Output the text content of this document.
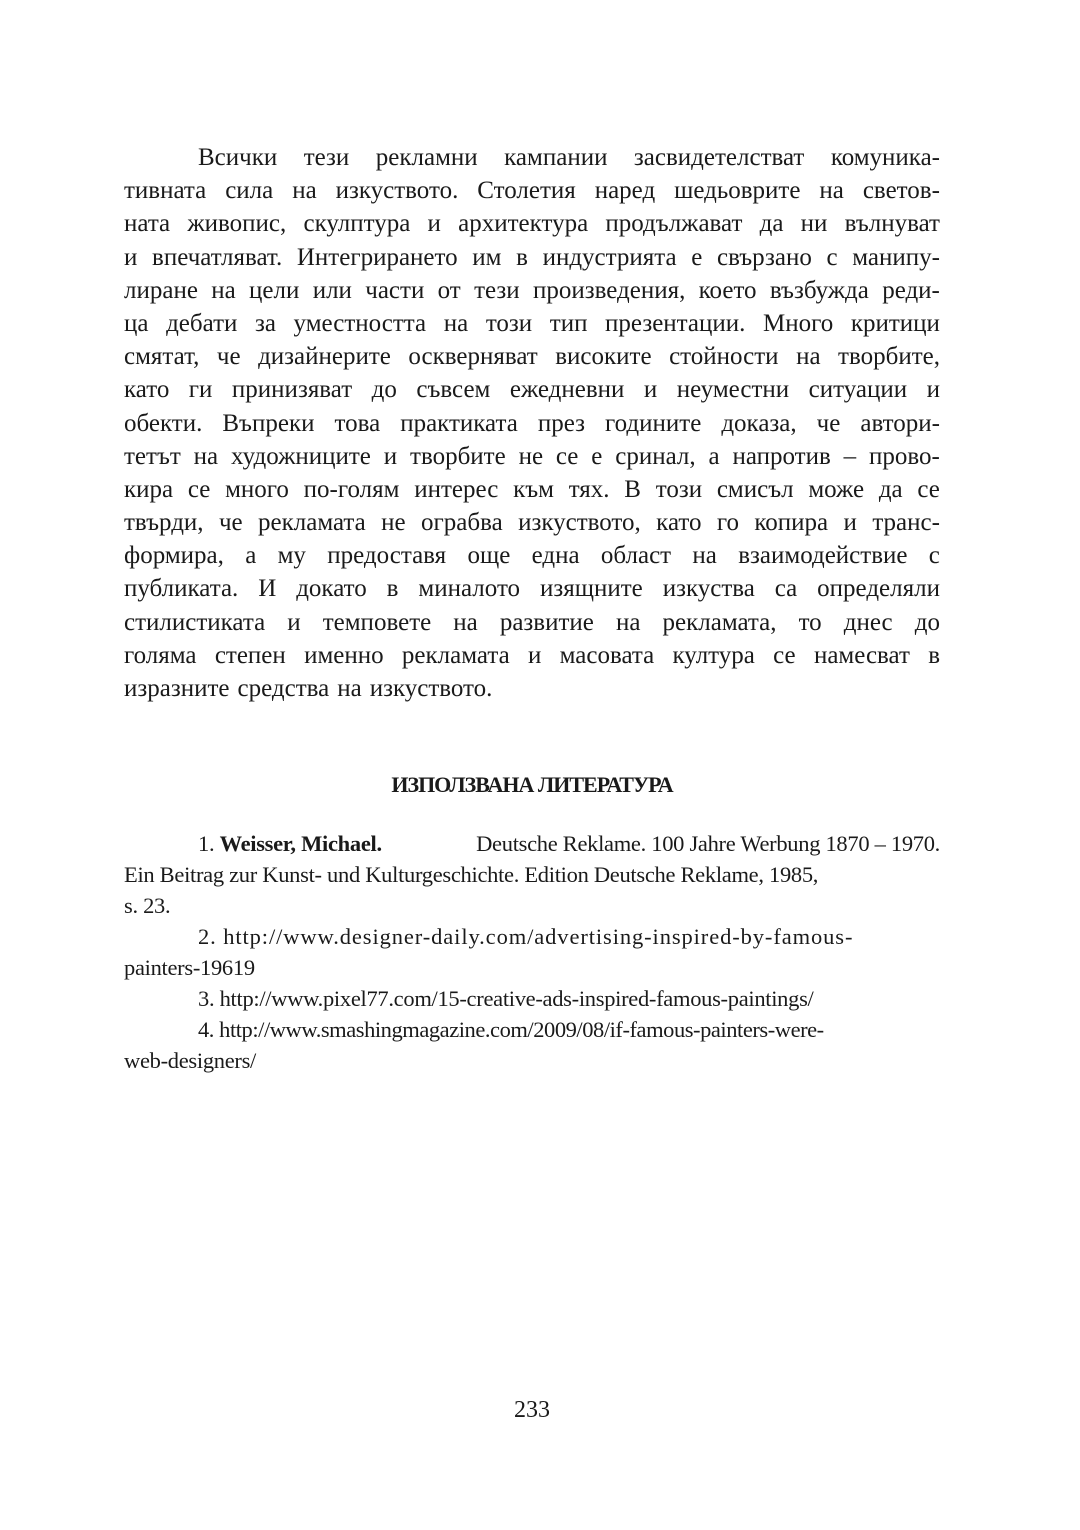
Всички тези рекламни кампании засвидетелстват комуника-
тивната сила на изкуството. Столетия наред шедьоврите на светов-
ната живопис, скулптура и архитектура продължават да ни вълнуват
и впечатляват. Интегрирането им в индустрията е свързано с манипу-
лиране на цели или части от тези произведения, което възбужда реди-
ца дебати за уместността на този тип презентации. Много критици
смятат, че дизайнерите оскверняват високите стойности на творбите,
като ги принизяват до съвсем ежедневни и неуместни ситуации и
обекти. Въпреки това практиката през годините доказа, че автори-
тетът на художниците и творбите не се е сринал, а напротив – прово-
кира се много по-голям интерес към тях. В този смисъл може да се
твърди, че рекламата не ограбва изкуството, като го копира и транс-
формира, а му предоставя още една област на взаимодействие с
публиката. И докато в миналото изящните изкуства са определяли
стилистиката и темповете на развитие на рекламата, то днес до
голяма степен именно рекламата и масовата култура се намесват в
изразните средства на изкуството.
ИЗПОЛЗВАНА ЛИТЕРАТУРА
1. Weisser, Michael.	Deutsche Reklame. 100 Jahre Werbung 1870 – 1970.
Ein Beitrag zur Kunst- und Kulturgeschichte. Edition Deutsche Reklame, 1985,
s. 23.
2. http://www.designer-daily.com/advertising-inspired-by-famous-
painters-19619
3. http://www.pixel77.com/15-creative-ads-inspired-famous-paintings/
4. http://www.smashingmagazine.com/2009/08/if-famous-painters-were-
web-designers/
233
